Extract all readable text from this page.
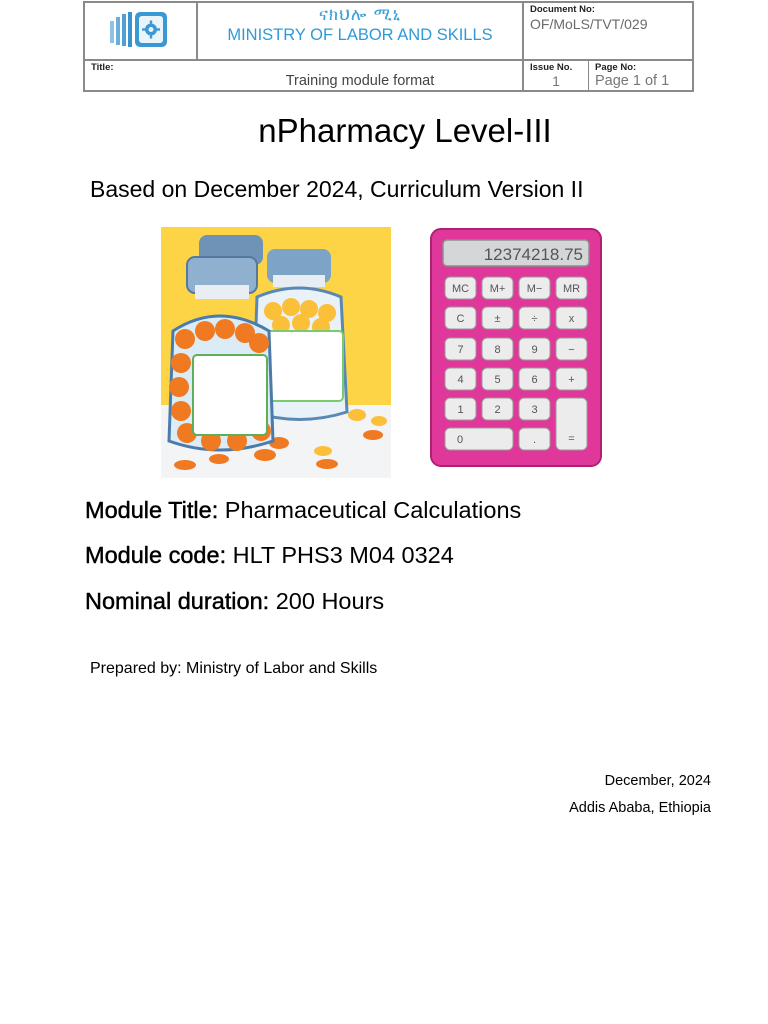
ናክህሎ ሚኒ
MINISTRY OF LABOR AND SKILLS
Document No:
OF/MoLS/TVT/029
Title:
Training module format
Issue No.
1
Page No:
Page 1 of 1
nPharmacy Level-III
Based on December 2024, Curriculum Version II
12374218.75
MC M+ M− MR
C	±	÷	x
7	8	9	−
4	5	6	+
1	2	3
0	.	=
Module Title: Pharmaceutical Calculations
Module code: HLT PHS3 M04 0324
Nominal duration: 200 Hours
Prepared by: Ministry of Labor and Skills
December, 2024
Addis Ababa, Ethiopia
